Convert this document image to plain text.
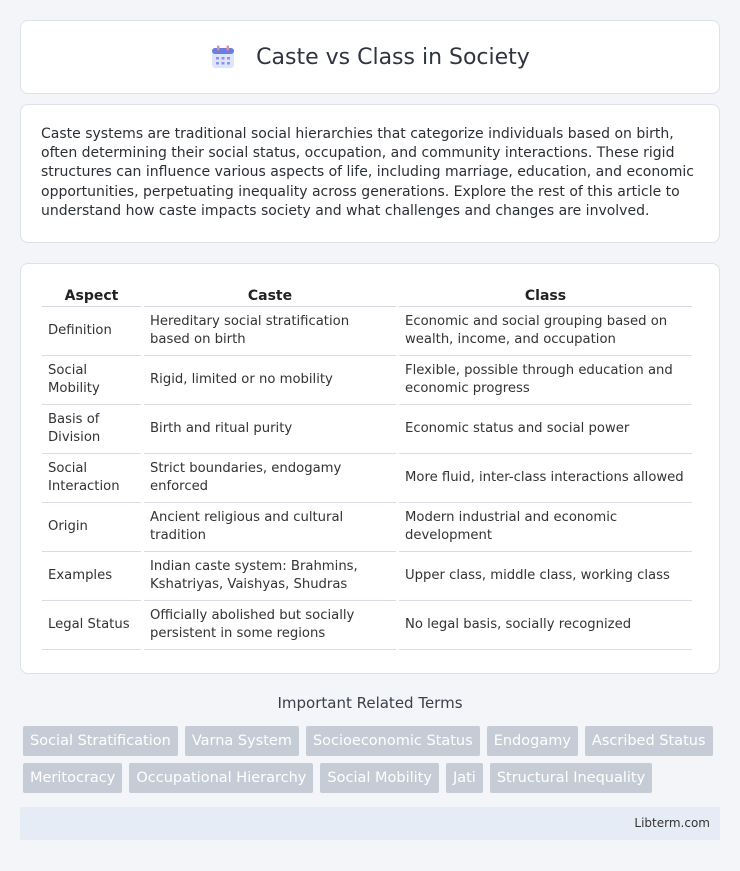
Caste vs Class in Society

Caste systems are traditional social hierarchies that categorize individuals based on birth, often determining their social status, occupation, and community interactions. These rigid structures can influence various aspects of life, including marriage, education, and economic opportunities, perpetuating inequality across generations. Explore the rest of this article to understand how caste impacts society and what challenges and changes are involved.

Aspect	Caste	Class
Definition	Hereditary social stratification based on birth	Economic and social grouping based on wealth, income, and occupation
Social Mobility	Rigid, limited or no mobility	Flexible, possible through education and economic progress
Basis of Division	Birth and ritual purity	Economic status and social power
Social Interaction	Strict boundaries, endogamy enforced	More fluid, inter-class interactions allowed
Origin	Ancient religious and cultural tradition	Modern industrial and economic development
Examples	Indian caste system: Brahmins, Kshatriyas, Vaishyas, Shudras	Upper class, middle class, working class
Legal Status	Officially abolished but socially persistent in some regions	No legal basis, socially recognized
Important Related Terms
Social Stratification	Varna System	Socioeconomic Status	Endogamy	Ascribed Status
Meritocracy	Occupational Hierarchy	Social Mobility	Jati	Structural Inequality
Libterm.com
